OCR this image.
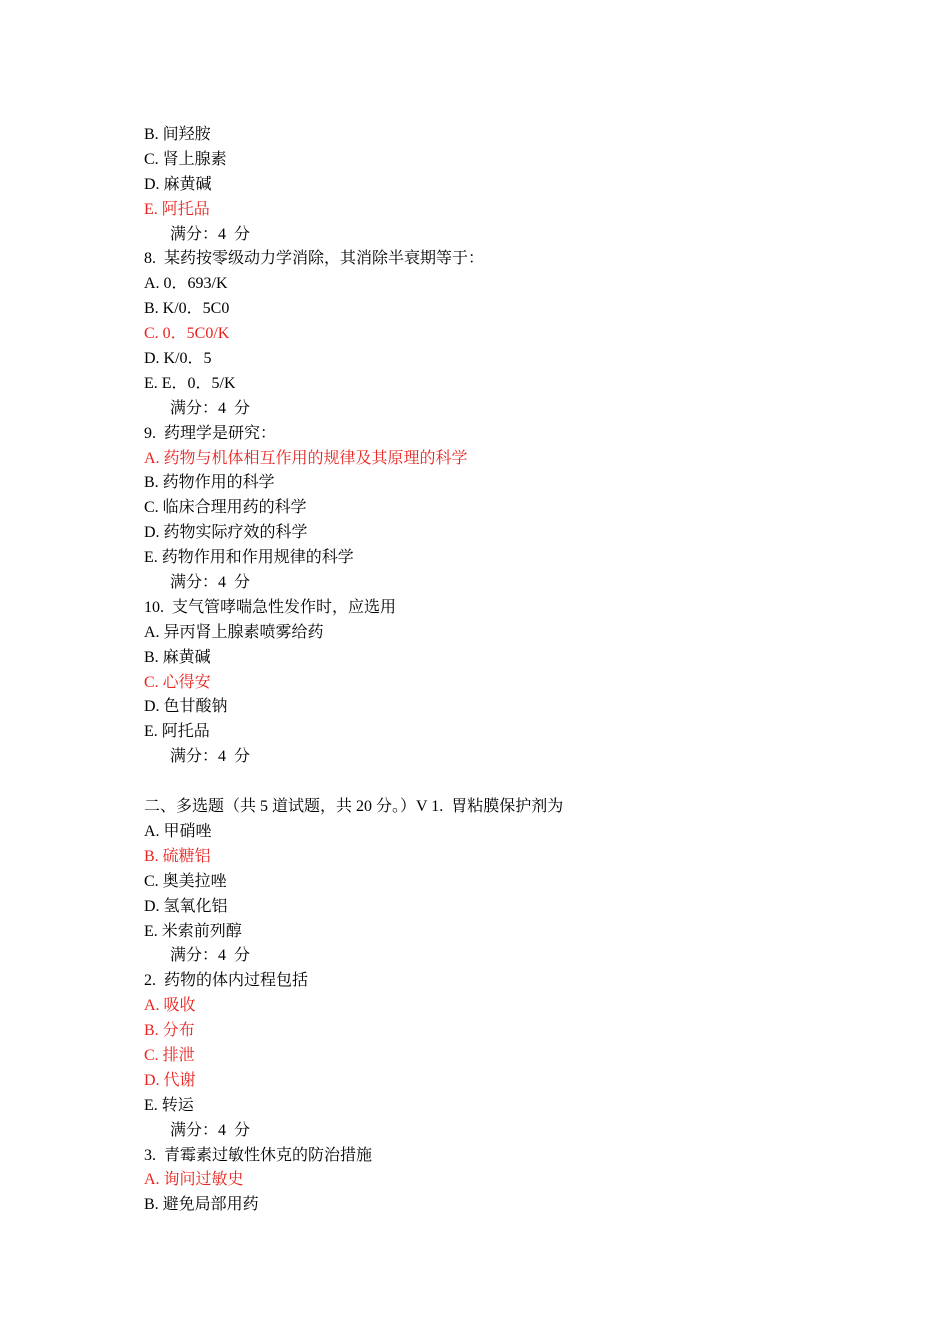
B. 间羟胺
C. 肾上腺素
D. 麻黄碱
E. 阿托品
满分：4  分
8.  某药按零级动力学消除，其消除半衰期等于：
A. 0．693/K
B. K/0．5C0
C. 0．5C0/K
D. K/0．5
E. E．0．5/K
满分：4  分
9.  药理学是研究：
A. 药物与机体相互作用的规律及其原理的科学
B. 药物作用的科学
C. 临床合理用药的科学
D. 药物实际疗效的科学
E. 药物作用和作用规律的科学
满分：4  分
10.  支气管哮喘急性发作时，应选用
A. 异丙肾上腺素喷雾给药
B. 麻黄碱
C. 心得安
D. 色甘酸钠
E. 阿托品
满分：4  分
二、多选题（共 5 道试题，共 20 分。）V 1.  胃粘膜保护剂为
A. 甲硝唑
B. 硫糖铝
C. 奥美拉唑
D. 氢氧化铝
E. 米索前列醇
满分：4  分
2.  药物的体内过程包括
A. 吸收
B. 分布
C. 排泄
D. 代谢
E. 转运
满分：4  分
3.  青霉素过敏性休克的防治措施
A. 询问过敏史
B. 避免局部用药
